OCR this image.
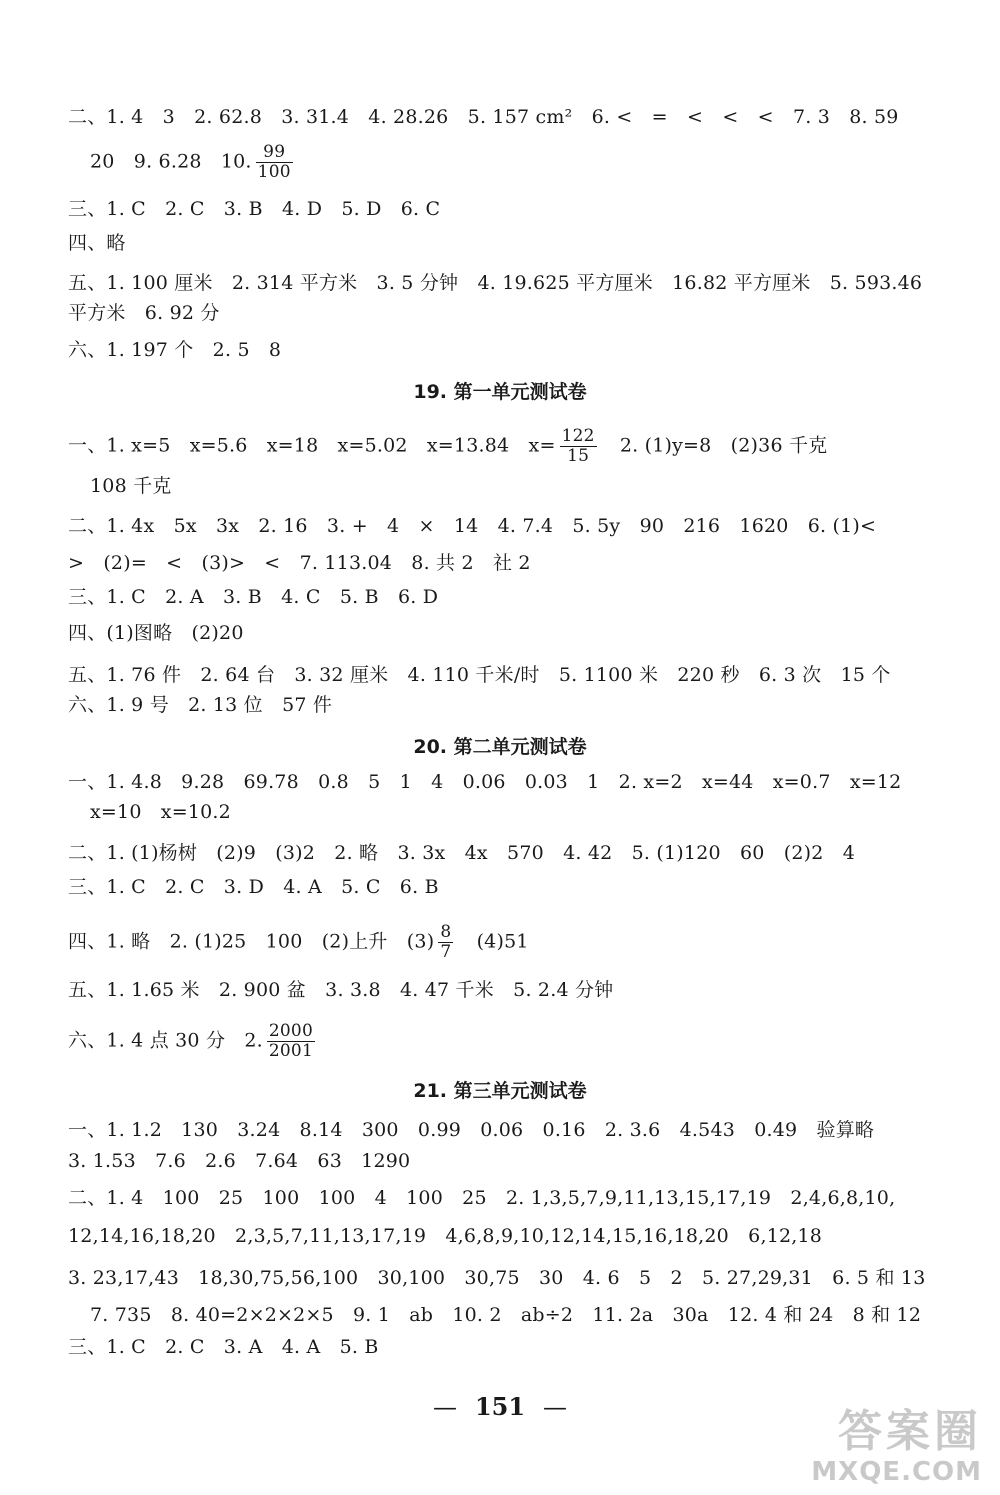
二、1. 4　3　2. 62.8　3. 31.4　4. 28.26　5. 157 cm²　6. <　=　<　<　<　7. 3　8. 59
20　9. 6.28　10. $\frac{99}{100}$
三、1. C　2. C　3. B　4. D　5. D　6. C
四、略
五、1. 100 厘米　2. 314 平方米　3. 5 分钟　4. 19.625 平方厘米　16.82 平方厘米　5. 593.46
平方米　6. 92 分
六、1. 197 个　2. 5　8
19. 第一单元测试卷
一、1. x=5　x=5.6　x=18　x=5.02　x=13.84　$x= \frac{122}{15}$
　 2. (1)y=8　(2)36 千克
108 千克
二、1. 4x　5x　3x　2. 16　3. +　4　×　14　4. 7.4　5. 5y　90　216　1620　6. (1)<
>　(2)=　<　(3)>　<　7. 113.04　8. 共 2　社 2
三、1. C　2. A　3. B　4. C　5. B　6. D
四、(1)图略　(2)20
五、1. 76 件　2. 64 台　3. 32 厘米　4. 110 千米/时　5. 1100 米　220 秒　6. 3 次　15 个
六、1. 9 号　2. 13 位　57 件
20. 第二单元测试卷
一、1. 4.8　9.28　69.78　0.8　5　1　4　0.06　0.03　1　2. x=2　x=44　x=0.7　x=12
x=10　x=10.2
二、1. (1)杨树　(2)9　(3)2　2. 略　3. 3x　4x　570　4. 42　5. (1)120　60　(2)2　4
三、1. C　2. C　3. D　4. A　5. C　6. B
四、1. 略　2. (1)25　100　(2)上升　$(3) \frac{8}{7}$
　 (4)51
五、1. 1.65 米　2. 900 盆　3. 3.8　4. 47 千米　5. 2.4 分钟
六、1. 4 点 30 分　2. $\frac{2000}{2001}$
21. 第三单元测试卷
一、1. 1.2　130　3.24　8.14　300　0.99　0.06　0.16　2. 3.6　4.543　0.49　验算略
3. 1.53　7.6　2.6　7.64　63　1290
二、1. 4　100　25　100　100　4　100　25　2. 1,3,5,7,9,11,13,15,17,19　2,4,6,8,10,
12,14,16,18,20　2,3,5,7,11,13,17,19　4,6,8,9,10,12,14,15,16,18,20　6,12,18
3. 23,17,43　18,30,75,56,100　30,100　30,75　30　4. 6　5　2　5. 27,29,31　6. 5 和 13
7. 735　8. 40=2×2×2×5　9. 1　ab　10. 2　ab÷2　11. 2a　30a　12. 4 和 24　8 和 12
三、1. C　2. C　3. A　4. A　5. B
— 151 —	答案圈
MXQE.COM
